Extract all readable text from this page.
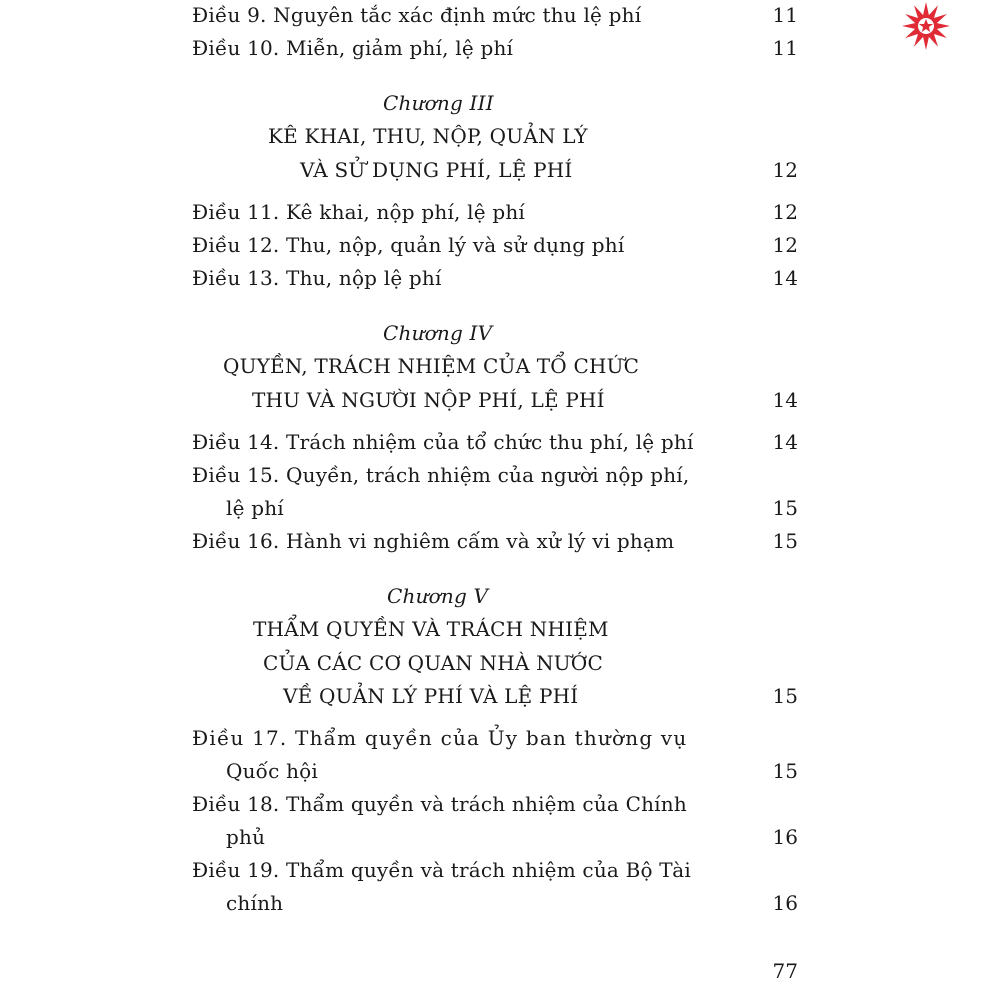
Điều 9. Nguyên tắc xác định mức thu lệ phí	11
Điều 10. Miễn, giảm phí, lệ phí	11
Chương III
KÊ KHAI, THU, NỘP, QUẢN LÝ
VÀ SỬ DỤNG PHÍ, LỆ PHÍ	12
Điều 11. Kê khai, nộp phí, lệ phí	12
Điều 12. Thu, nộp, quản lý và sử dụng phí	12
Điều 13. Thu, nộp lệ phí	14
Chương IV
QUYỀN, TRÁCH NHIỆM CỦA TỔ CHỨC
THU VÀ NGƯỜI NỘP PHÍ, LỆ PHÍ	14
Điều 14. Trách nhiệm của tổ chức thu phí, lệ phí	14
Điều 15. Quyền, trách nhiệm của người nộp phí,
lệ phí	15
Điều 16. Hành vi nghiêm cấm và xử lý vi phạm	15
Chương V
THẨM QUYỀN VÀ TRÁCH NHIỆM
CỦA CÁC CƠ QUAN NHÀ NƯỚC
VỀ QUẢN LÝ PHÍ VÀ LỆ PHÍ	15
Điều 17. Thẩm quyền của Ủy ban thường vụ
Quốc hội	15
Điều 18. Thẩm quyền và trách nhiệm của Chính
phủ	16
Điều 19. Thẩm quyền và trách nhiệm của Bộ Tài
chính	16
77
